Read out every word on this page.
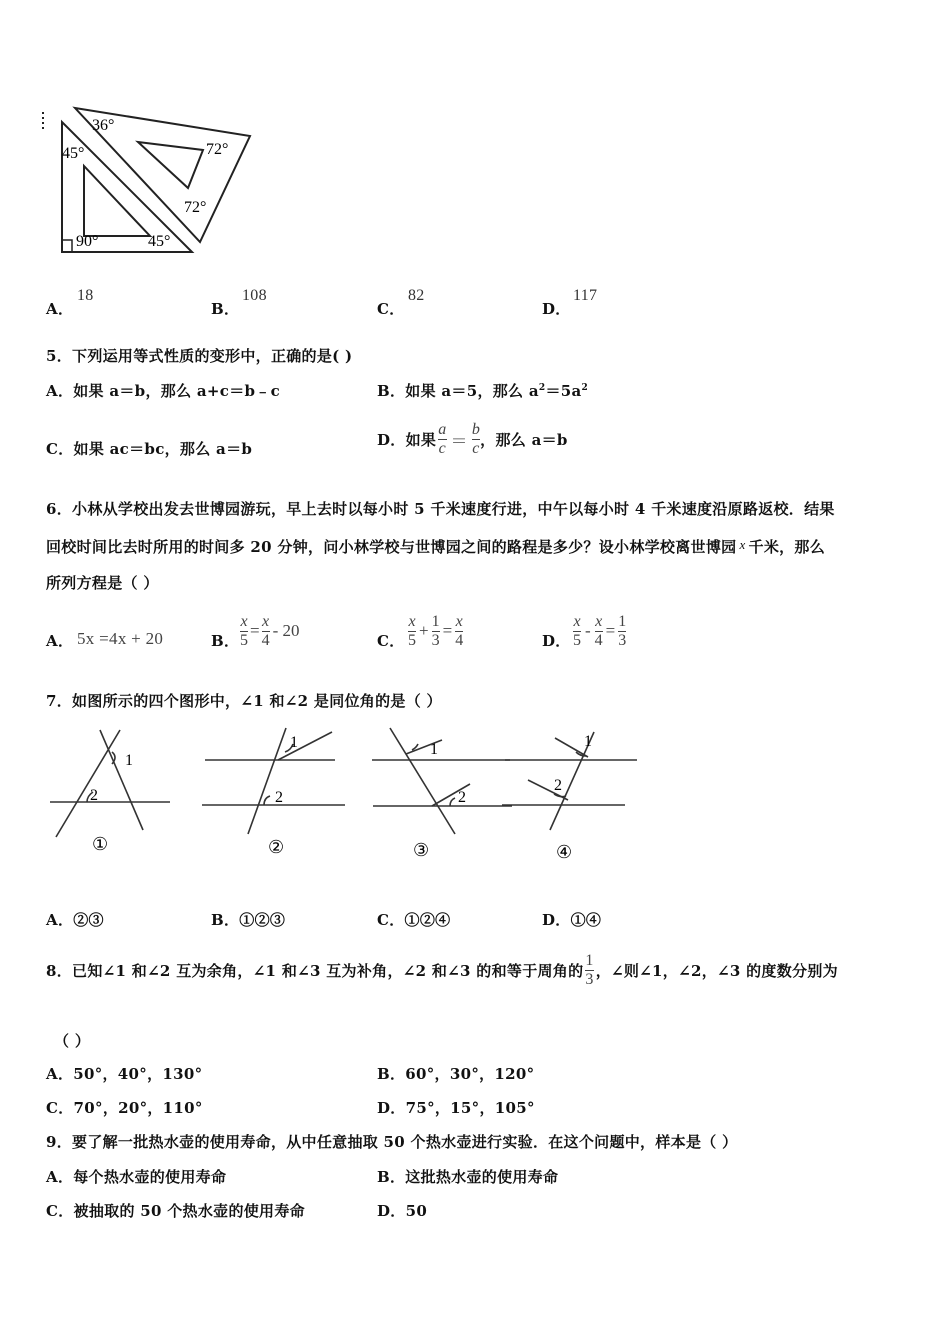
36°
72°
45°
72°
90°	45°
A．
18
B．
108
C．
82
D．
117
5．下列运用等式性质的变形中，正确的是( )
A．如果 a＝b，那么 a+c＝b﹣c	B．如果 a＝5，那么 $a^2=5a^2$
C．如果 ac＝bc，那么 a＝b
D．如果
a
c ＝
b
c ，那么 a＝b
6．小林从学校出发去世博园游玩，早上去时以每小时 5 千米速度行进，中午以每小时 4 千米速度沿原路返校．结果
回校时间比去时所用的时间多 20 分钟，问小林学校与世博园之间的路程是多少？设小林学校离世博园 x 千米，那么
所列方程是（ ）
A． 5x =4x + 20	B．
x
5 = x
4 - 20
C．
x
5 + 1
3 = x
4	D．
x
5 - x
4 = 1
3
7．如图所示的四个图形中，∠1 和∠2 是同位角的是（ ）
1
2
1
2
1
2
1
2
①	②	③	④
A．②③	B．①②③	C．①②④	D．①④
8．已知∠1 和∠2 互为余角，∠1 和∠3 互为补角，∠2 和∠3 的和等于周角的
1
3 ，∠则∠1，∠2，∠3 的度数分别为
（ ）
A．50°，40°，130°	B．60°，30°，120°
C．70°，20°，110°	D．75°，15°，105°
9．要了解一批热水壶的使用寿命，从中任意抽取 50 个热水壶进行实验．在这个问题中，样本是（ ）
A．每个热水壶的使用寿命	B．这批热水壶的使用寿命
C．被抽取的 50 个热水壶的使用寿命	D．50
